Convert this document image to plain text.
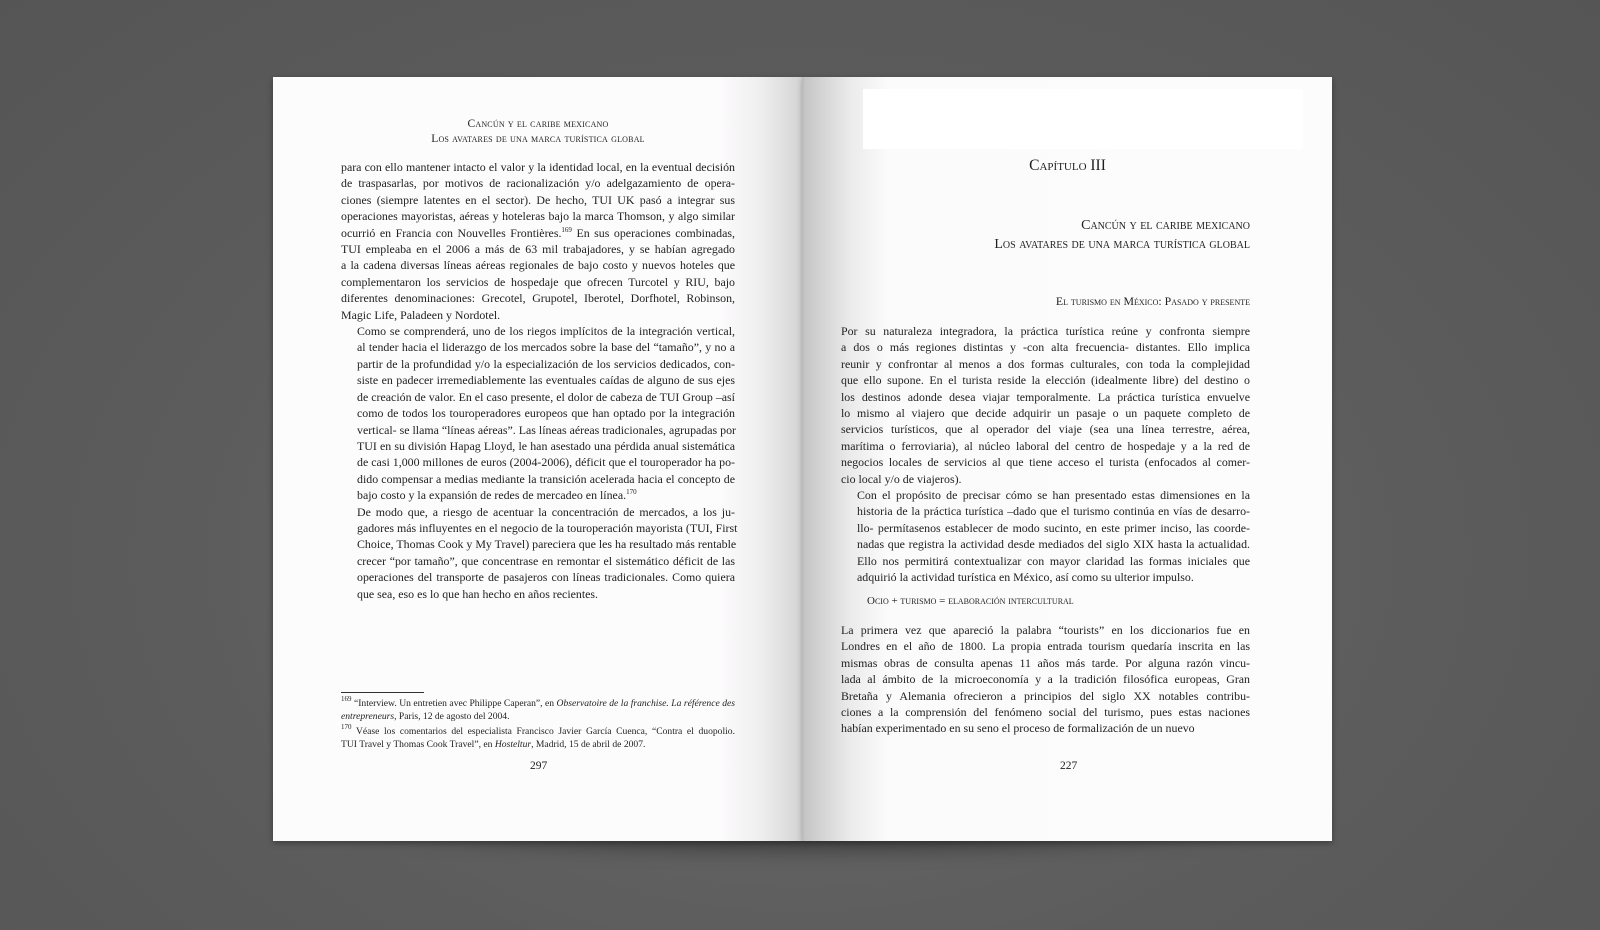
Cancún y el caribe mexicano
Los avatares de una marca turística global

para con ello mantener intacto el valor y la identidad local, en la eventual decisión
de traspasarlas, por motivos de racionalización y/o adelgazamiento de opera-
ciones (siempre latentes en el sector). De hecho, TUI UK pasó a integrar sus
operaciones mayoristas, aéreas y hoteleras bajo la marca Thomson, y algo similar
ocurrió en Francia con Nouvelles Frontières.$^{169}$ En sus operaciones combinadas,
TUI empleaba en el 2006 a más de 63 mil trabajadores, y se habían agregado
a la cadena diversas líneas aéreas regionales de bajo costo y nuevos hoteles que
complementaron los servicios de hospedaje que ofrecen Turcotel y RIU, bajo
diferentes denominaciones: Grecotel, Grupotel, Iberotel, Dorfhotel, Robinson,
Magic Life, Paladeen y Nordotel.

Como se comprenderá, uno de los riegos implícitos de la integración vertical,
al tender hacia el liderazgo de los mercados sobre la base del “tamaño”, y no a
partir de la profundidad y/o la especialización de los servicios dedicados, con-
siste en padecer irremediablemente las eventuales caídas de alguno de sus ejes
de creación de valor. En el caso presente, el dolor de cabeza de TUI Group –así
como de todos los touroperadores europeos que han optado por la integración
vertical- se llama “líneas aéreas”. Las líneas aéreas tradicionales, agrupadas por
TUI en su división Hapag Lloyd, le han asestado una pérdida anual sistemática
de casi 1,000 millones de euros (2004-2006), déficit que el touroperador ha po-
dido compensar a medias mediante la transición acelerada hacia el concepto de
bajo costo y la expansión de redes de mercadeo en línea.$^{170}$

De modo que, a riesgo de acentuar la concentración de mercados, a los ju-
gadores más influyentes en el negocio de la touroperación mayorista (TUI, First
Choice, Thomas Cook y My Travel) pareciera que les ha resultado más rentable
crecer “por tamaño”, que concentrase en remontar el sistemático déficit de las
operaciones del transporte de pasajeros con líneas tradicionales. Como quiera
que sea, eso es lo que han hecho en años recientes.

$^{169}$ “Interview. Un entretien avec Philippe Caperan”, en Observatoire de la franchise. La référence des
entrepreneurs, Paris, 12 de agosto del 2004.

$^{170}$ Véase los comentarios del especialista Francisco Javier García Cuenca, “Contra el duopolio.
TUI Travel y Thomas Cook Travel”, en Hosteltur, Madrid, 15 de abril de 2007.

297
Capítulo III
Cancún y el caribe mexicano
Los avatares de una marca turística global
El turismo en México: Pasado y presente

Por su naturaleza integradora, la práctica turística reúne y confronta siempre
a dos o más regiones distintas y -con alta frecuencia- distantes. Ello implica
reunir y confrontar al menos a dos formas culturales, con toda la complejidad
que ello supone. En el turista reside la elección (idealmente libre) del destino o
los destinos adonde desea viajar temporalmente. La práctica turística envuelve
lo mismo al viajero que decide adquirir un pasaje o un paquete completo de
servicios turísticos, que al operador del viaje (sea una línea terrestre, aérea,
marítima o ferroviaria), al núcleo laboral del centro de hospedaje y a la red de
negocios locales de servicios al que tiene acceso el turista (enfocados al comer-
cio local y/o de viajeros).

Con el propósito de precisar cómo se han presentado estas dimensiones en la
historia de la práctica turística –dado que el turismo continúa en vías de desarro-
llo- permítasenos establecer de modo sucinto, en este primer inciso, las coorde-
nadas que registra la actividad desde mediados del siglo XIX hasta la actualidad.
Ello nos permitirá contextualizar con mayor claridad las formas iniciales que
adquirió la actividad turística en México, así como su ulterior impulso.

Ocio + turismo = elaboración intercultural

La primera vez que apareció la palabra “tourists” en los diccionarios fue en
Londres en el año de 1800. La propia entrada tourism quedaría inscrita en las
mismas obras de consulta apenas 11 años más tarde. Por alguna razón vincu-
lada al ámbito de la microeconomía y a la tradición filosófica europeas, Gran
Bretaña y Alemania ofrecieron a principios del siglo XX notables contribu-
ciones a la comprensión del fenómeno social del turismo, pues estas naciones
habían experimentado en su seno el proceso de formalización de un nuevo

227
